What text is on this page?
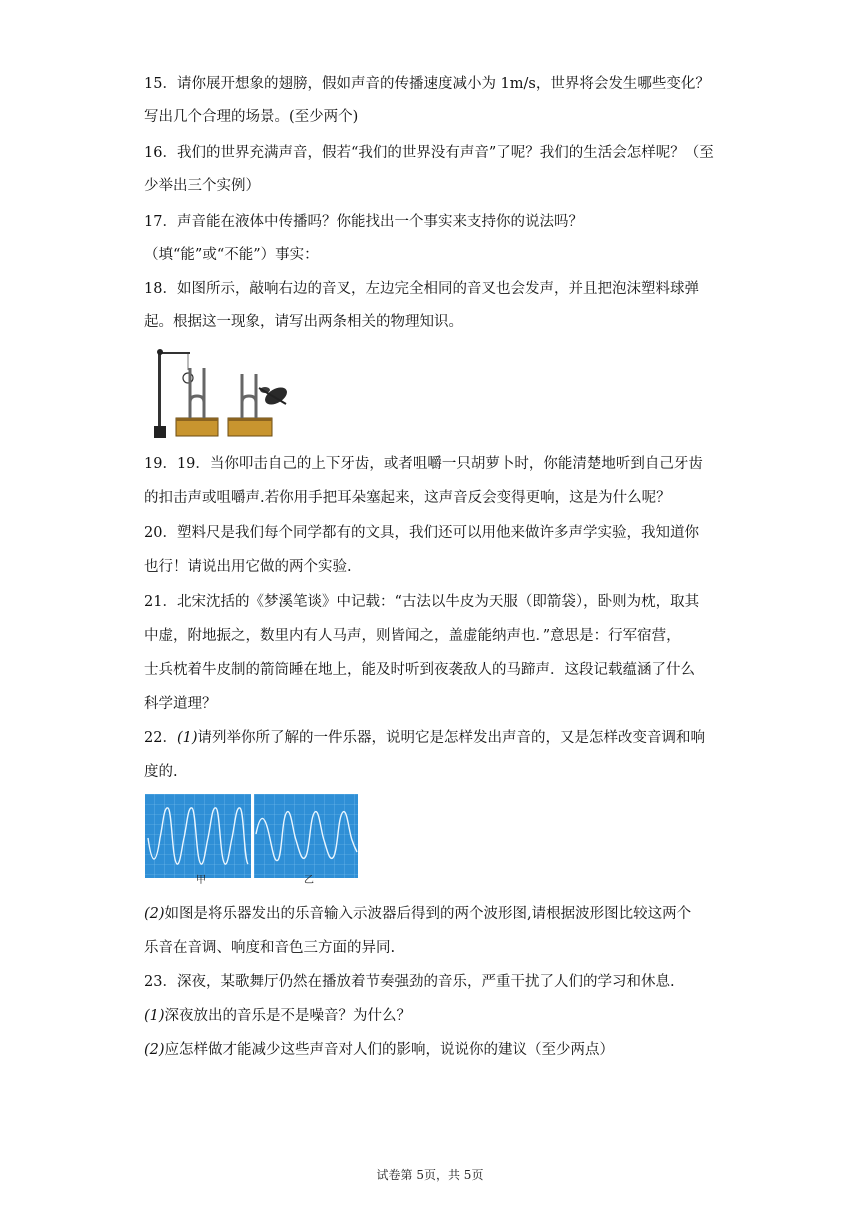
15．请你展开想象的翅膀，假如声音的传播速度减小为 1m/s，世界将会发生哪些变化？
写出几个合理的场景。(至少两个)
16．我们的世界充满声音，假若“我们的世界没有声音”了呢？我们的生活会怎样呢？（至
少举出三个实例）
17．声音能在液体中传播吗？你能找出一个事实来支持你的说法吗？
（填“能”或“不能”）事实：
18．如图所示，敲响右边的音叉，左边完全相同的音叉也会发声，并且把泡沫塑料球弹
起。根据这一现象，请写出两条相关的物理知识。
19．19．当你叩击自己的上下牙齿，或者咀嚼一只胡萝卜时，你能清楚地听到自己牙齿
的扣击声或咀嚼声.若你用手把耳朵塞起来，这声音反会变得更响，这是为什么呢？
20．塑料尺是我们每个同学都有的文具，我们还可以用他来做许多声学实验，我知道你
也行！请说出用它做的两个实验.
21．北宋沈括的《梦溪笔谈》中记载：“古法以牛皮为天服（即箭袋），卧则为枕，取其
中虚，附地振之，数里内有人马声，则皆闻之，盖虚能纳声也．”意思是：行军宿营，
士兵枕着牛皮制的箭筒睡在地上，能及时听到夜袭敌人的马蹄声．这段记载蕴涵了什么
科学道理？
22．(1)请列举你所了解的一件乐器，说明它是怎样发出声音的，又是怎样改变音调和响
度的.
甲	乙
(2)如图是将乐器发出的乐音输入示波器后得到的两个波形图,请根据波形图比较这两个
乐音在音调、响度和音色三方面的异同.
23．深夜，某歌舞厅仍然在播放着节奏强劲的音乐，严重干扰了人们的学习和休息.
(1)深夜放出的音乐是不是噪音？为什么？
(2)应怎样做才能减少这些声音对人们的影响，说说你的建议（至少两点）
试卷第 5页，共 5页
